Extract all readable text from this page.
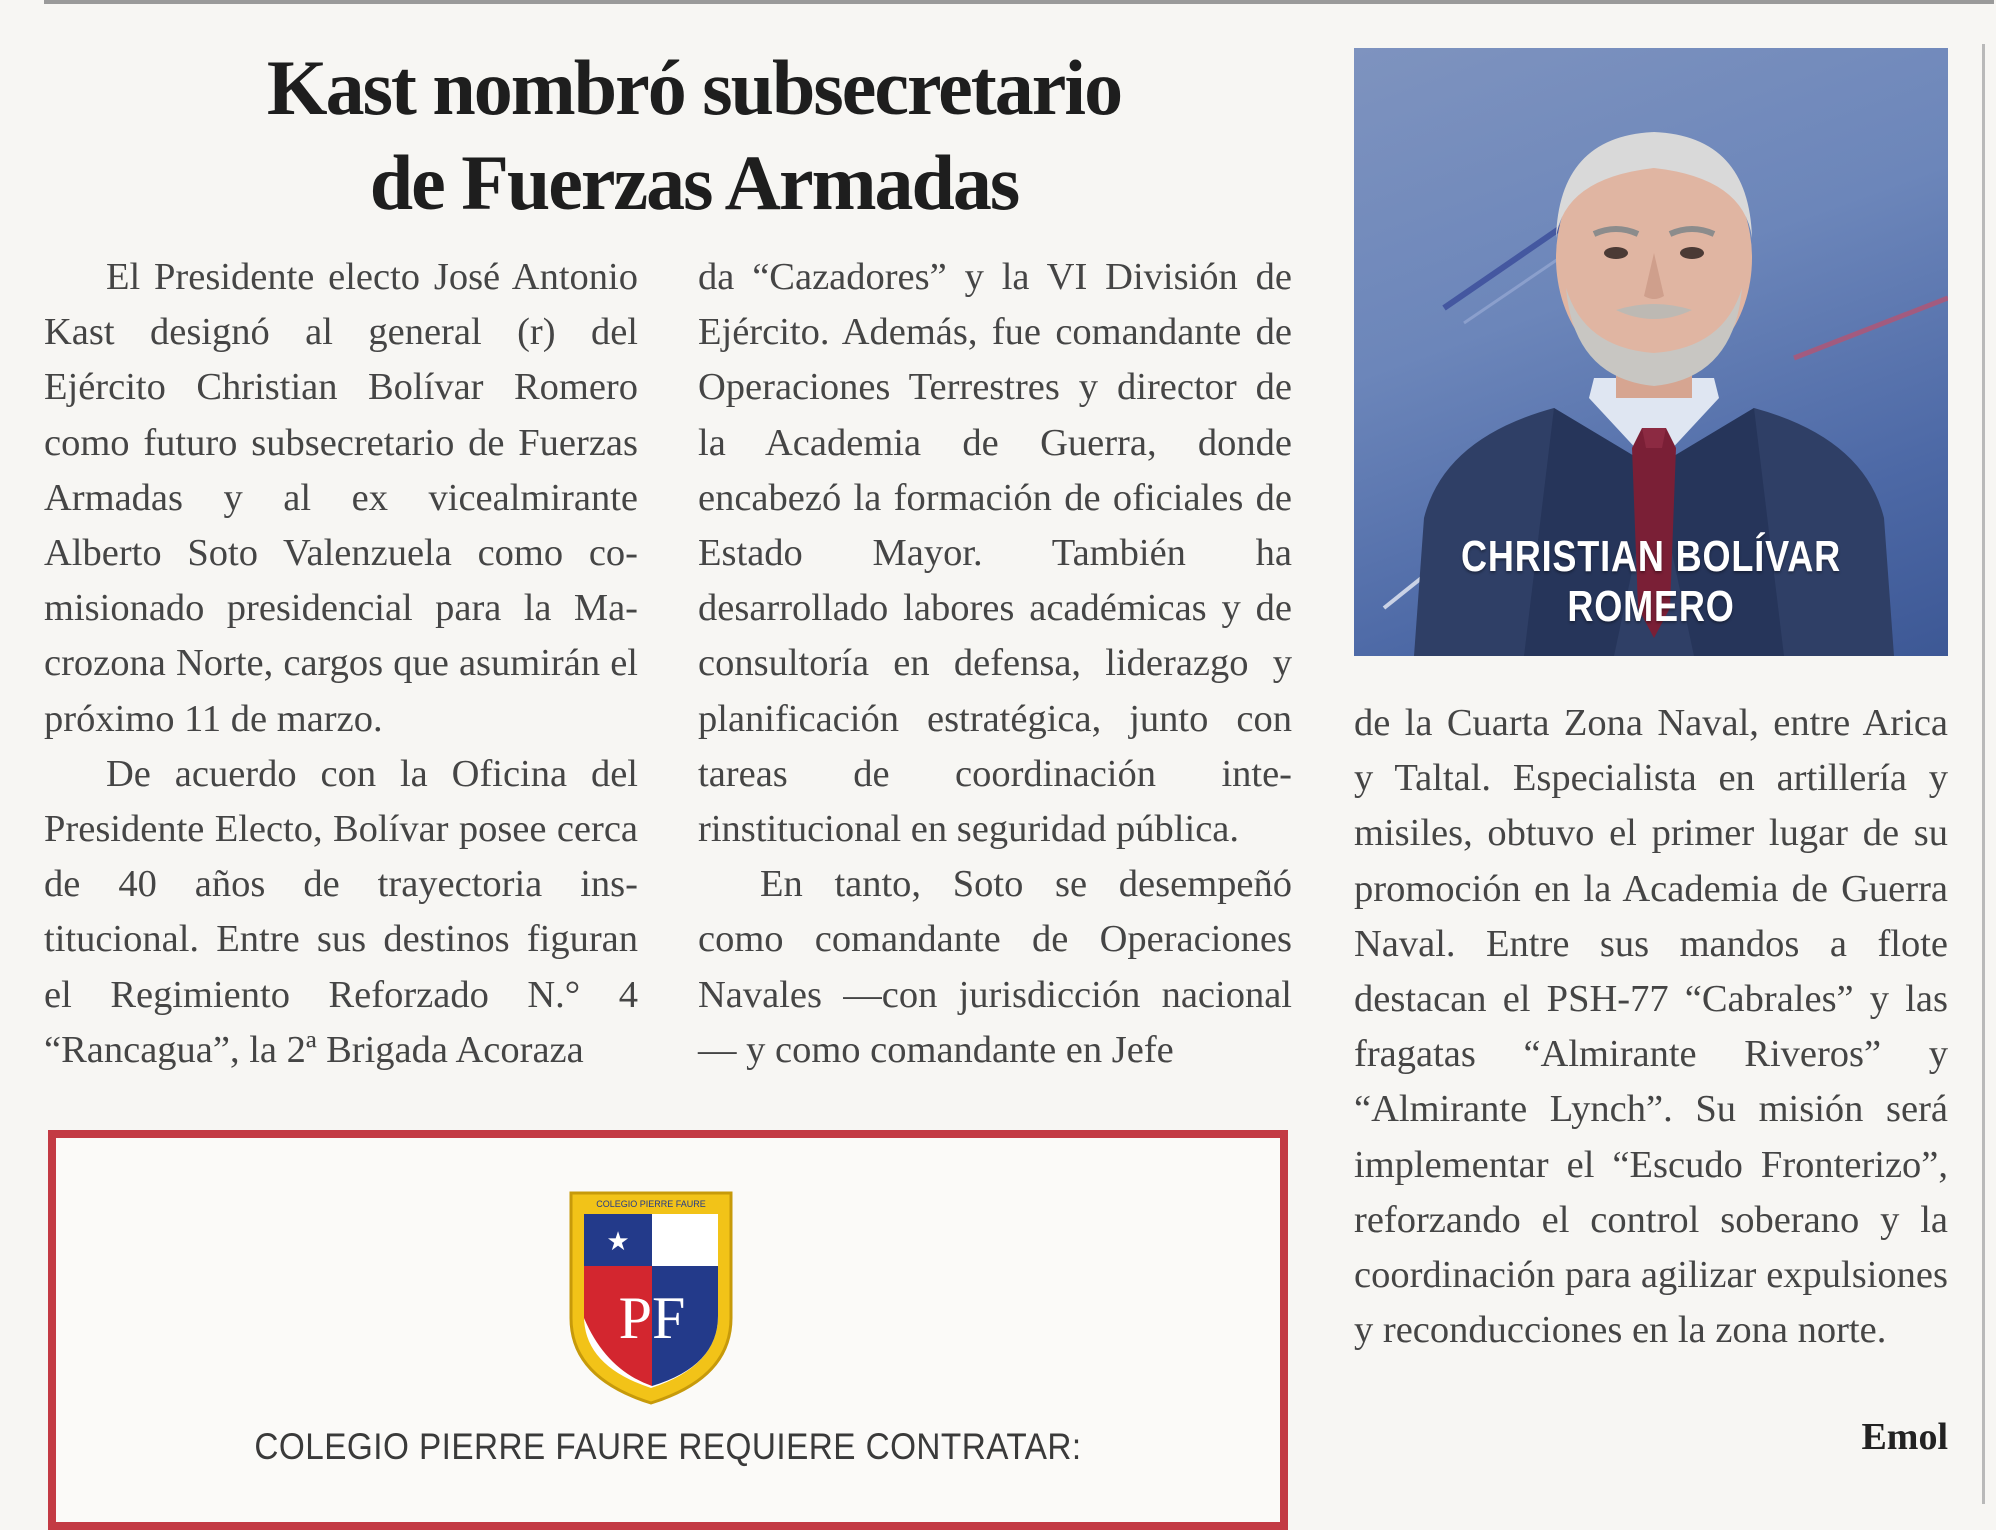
Kast nombró subsecretario
de Fuerzas Armadas

El Presidente electo José Antonio Kast designó al general (r) del Ejército Christian Bolívar Romero como futuro subsecretario de Fuerzas Armadas y al ex vicealmirante Alberto Soto Valenzuela como comisionado presidencial para la Macrozona Norte, cargos que asumirán el próximo 11 de marzo.

De acuerdo con la Oficina del Presidente Electo, Bolívar posee cerca de 40 años de trayectoria institucional. Entre sus destinos figuran el Regimiento Reforzado N.° 4 “Rancagua”, la 2ª Brigada Acoraza

da “Cazadores” y la VI División de Ejército. Además, fue comandante de Operaciones Terrestres y director de la Academia de Guerra, donde encabezó la formación de oficiales de Estado Mayor. También ha desarrollado labores académicas y de consultoría en defensa, liderazgo y planificación estratégica, junto con tareas de coordinación interinstitucional en seguridad pública.

En tanto, Soto se desempeñó como comandante de Operaciones Navales —con jurisdicción nacional— y como comandante en Jefe

CHRISTIAN BOLÍVAR ROMERO

de la Cuarta Zona Naval, entre Arica y Taltal. Especialista en artillería y misiles, obtuvo el primer lugar de su promoción en la Academia de Guerra Naval. Entre sus mandos a flote destacan el PSH-77 “Cabrales” y las fragatas “Almirante Riveros” y “Almirante Lynch”. Su misión será implementar el “Escudo Fronterizo”, reforzando el control soberano y la coordinación para agilizar expulsiones y reconducciones en la zona norte.

Emol
★
PF
COLEGIO PIERRE FAURE
COLEGIO PIERRE FAURE REQUIERE CONTRATAR:
